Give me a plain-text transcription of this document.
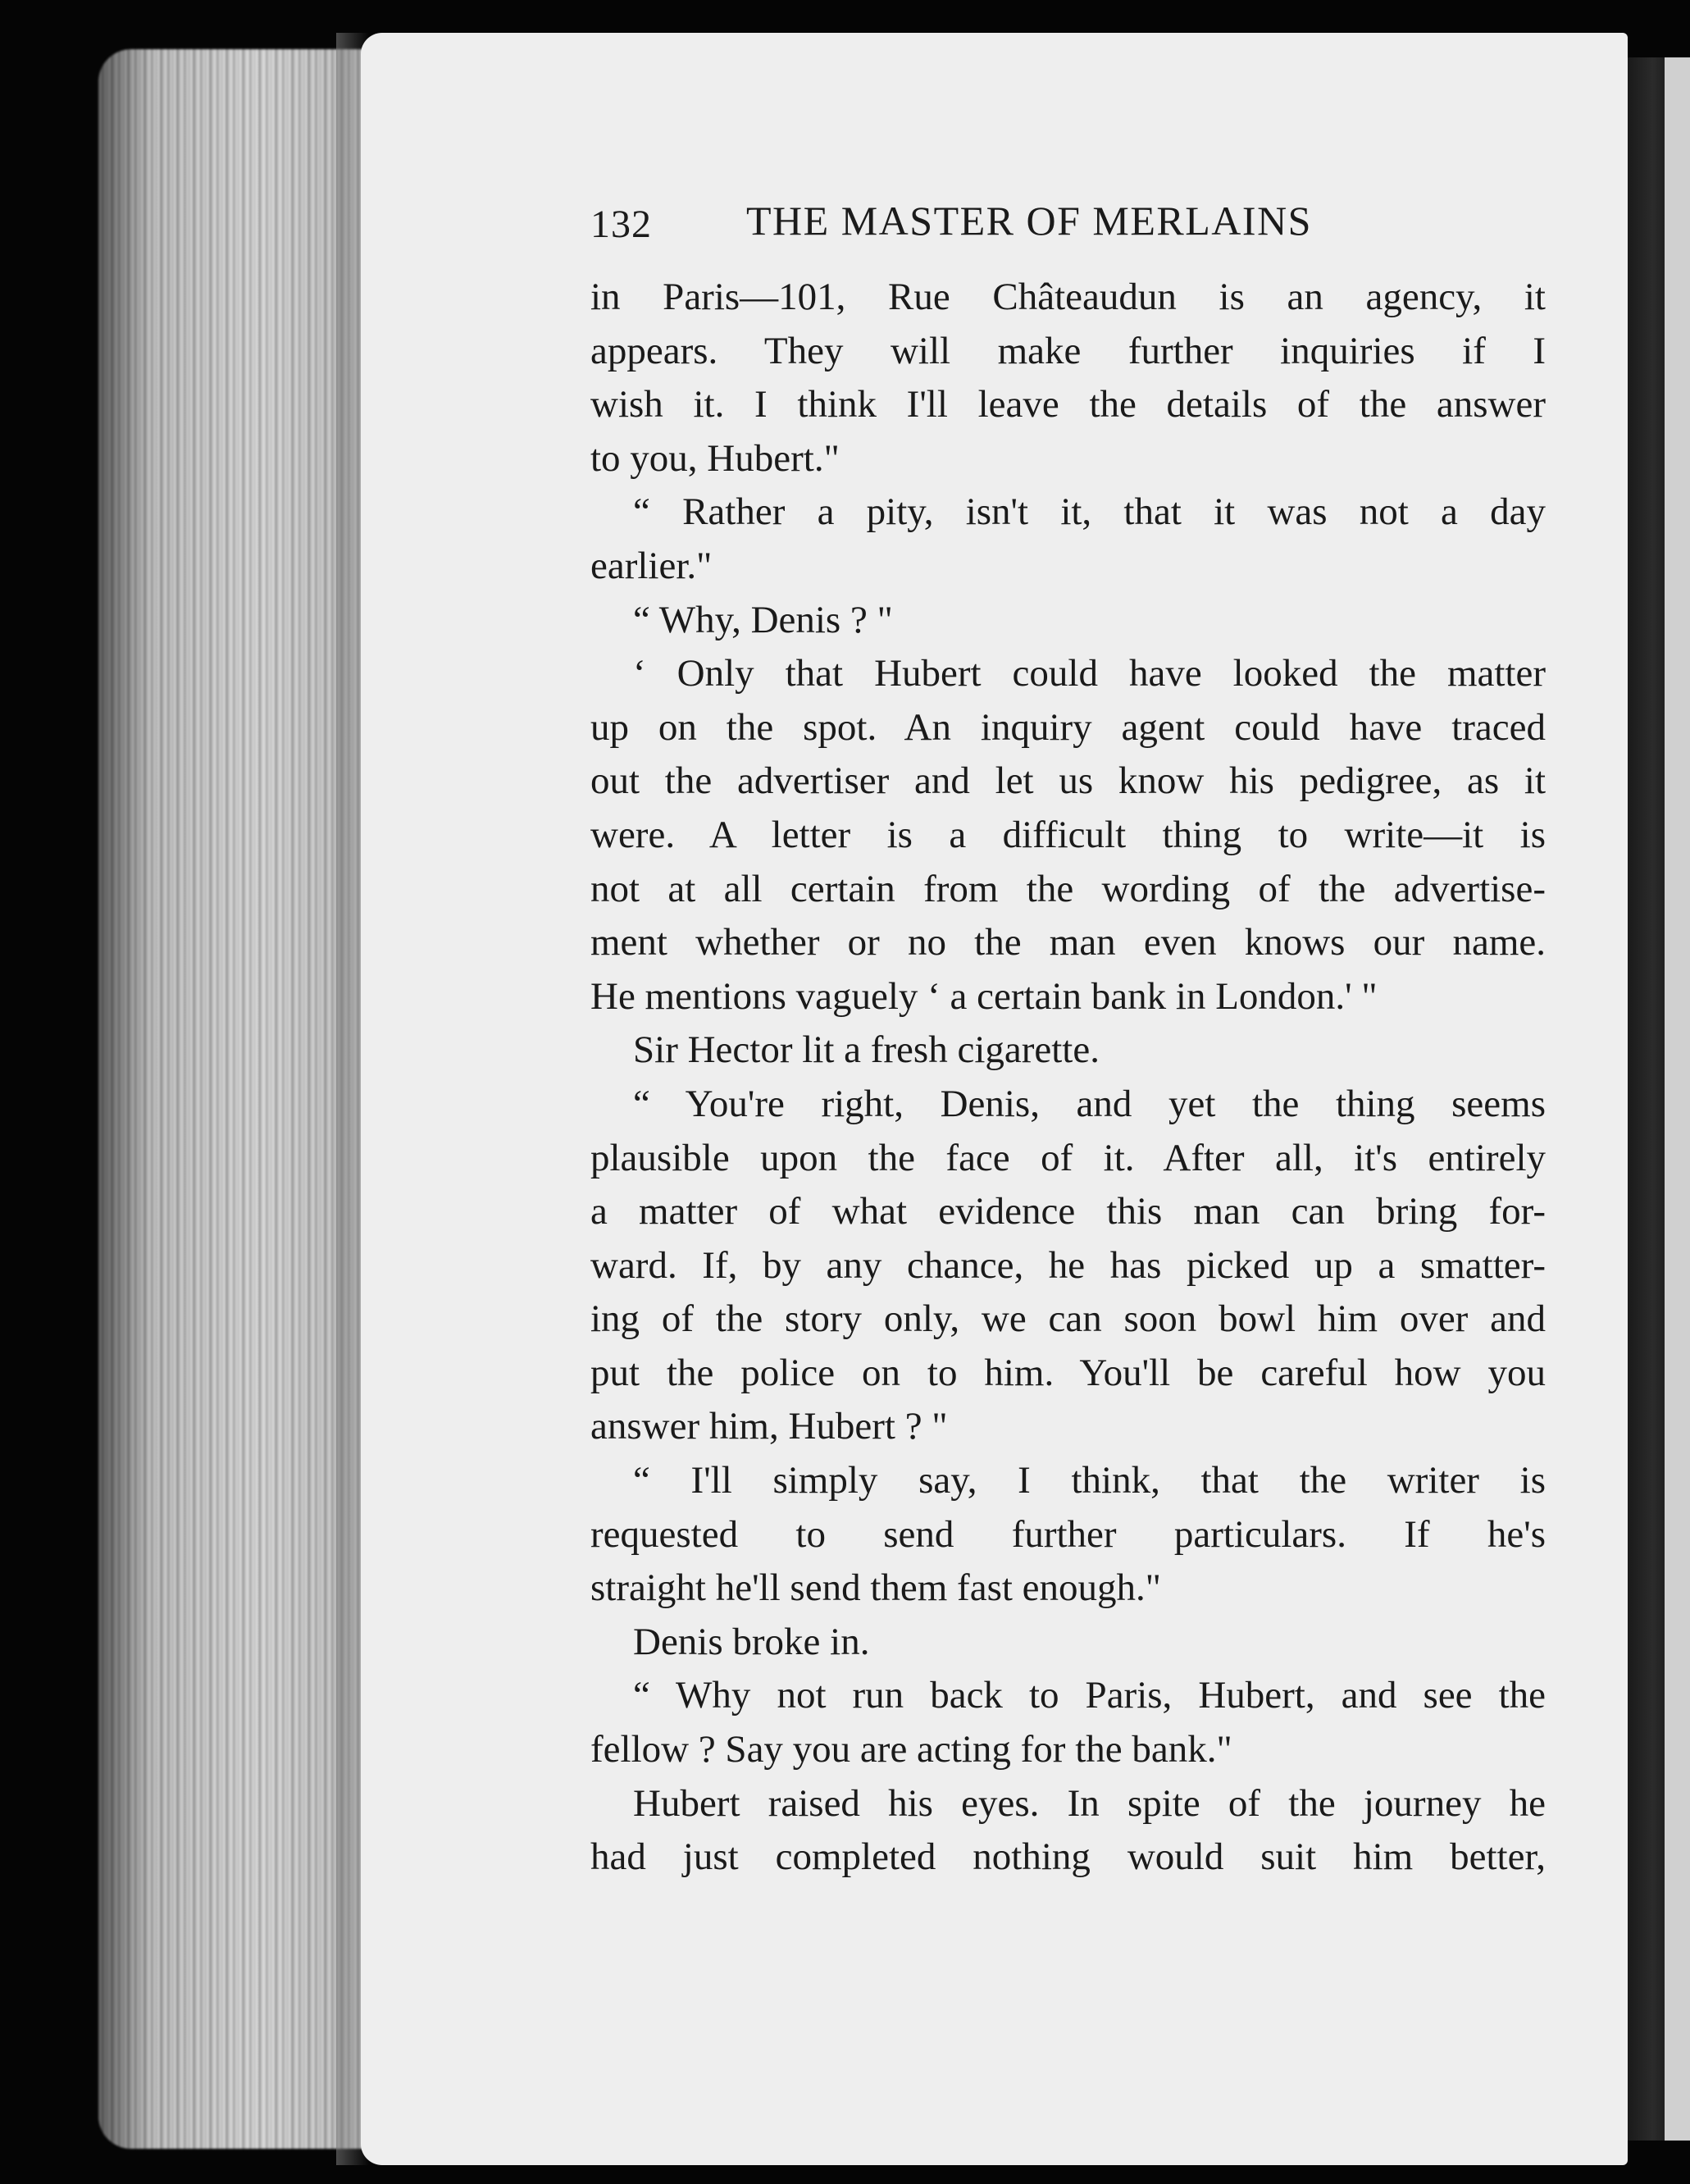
132 THE MASTER OF MERLAINS
in Paris—101, Rue Châteaudun is an agency, it
appears. They will make further inquiries if I
wish it. I think I'll leave the details of the answer
to you, Hubert."
“ Rather a pity, isn't it, that it was not a day
earlier."
“ Why, Denis ? "
‘ Only that Hubert could have looked the matter
up on the spot. An inquiry agent could have traced
out the advertiser and let us know his pedigree, as it
were. A letter is a difficult thing to write—it is
not at all certain from the wording of the advertise-
ment whether or no the man even knows our name.
He mentions vaguely ‘ a certain bank in London.' "
Sir Hector lit a fresh cigarette.
“ You're right, Denis, and yet the thing seems
plausible upon the face of it. After all, it's entirely
a matter of what evidence this man can bring for-
ward. If, by any chance, he has picked up a smatter-
ing of the story only, we can soon bowl him over and
put the police on to him. You'll be careful how you
answer him, Hubert ? "
“ I'll simply say, I think, that the writer is
requested to send further particulars. If he's
straight he'll send them fast enough."
Denis broke in.
“ Why not run back to Paris, Hubert, and see the
fellow ? Say you are acting for the bank."
Hubert raised his eyes. In spite of the journey he
had just completed nothing would suit him better,
